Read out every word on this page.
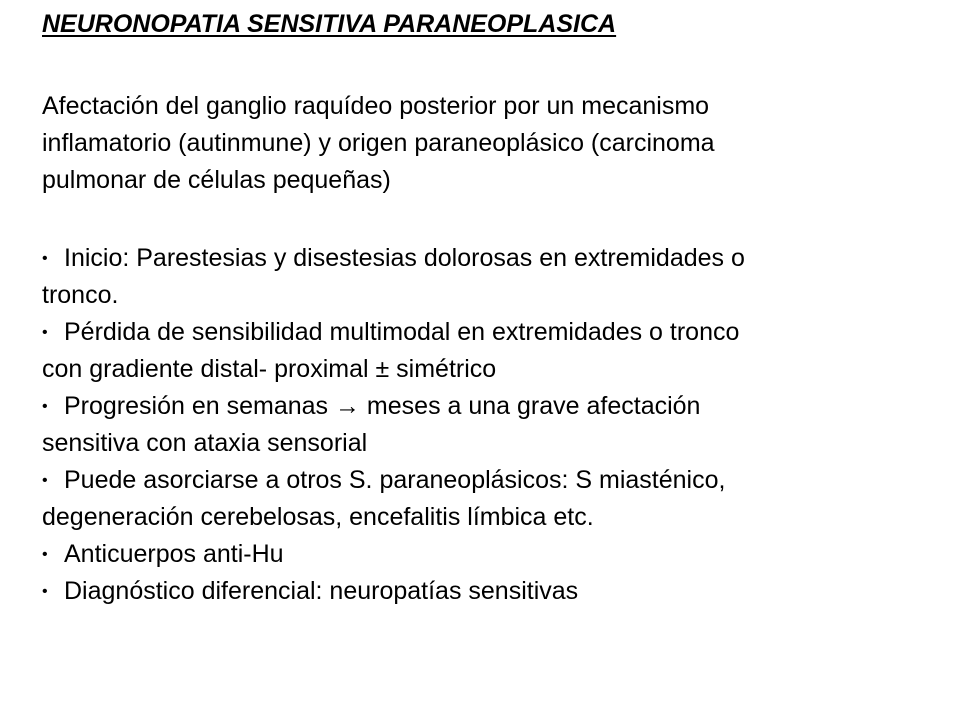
NEURONOPATIA SENSITIVA PARANEOPLASICA

Afectación del ganglio raquídeo posterior por un mecanismo
inflamatorio (autinmune) y origen paraneoplásico (carcinoma
pulmonar de células pequeñas)

• Inicio: Parestesias y disestesias dolorosas en extremidades o
tronco.
• Pérdida de sensibilidad multimodal en extremidades o tronco
con gradiente distal- proximal ± simétrico
• Progresión en semanas → meses a una grave afectación
sensitiva con ataxia sensorial
• Puede asorciarse a otros S. paraneoplásicos: S miasténico,
degeneración cerebelosas, encefalitis límbica etc.
• Anticuerpos anti-Hu
• Diagnóstico diferencial: neuropatías sensitivas
